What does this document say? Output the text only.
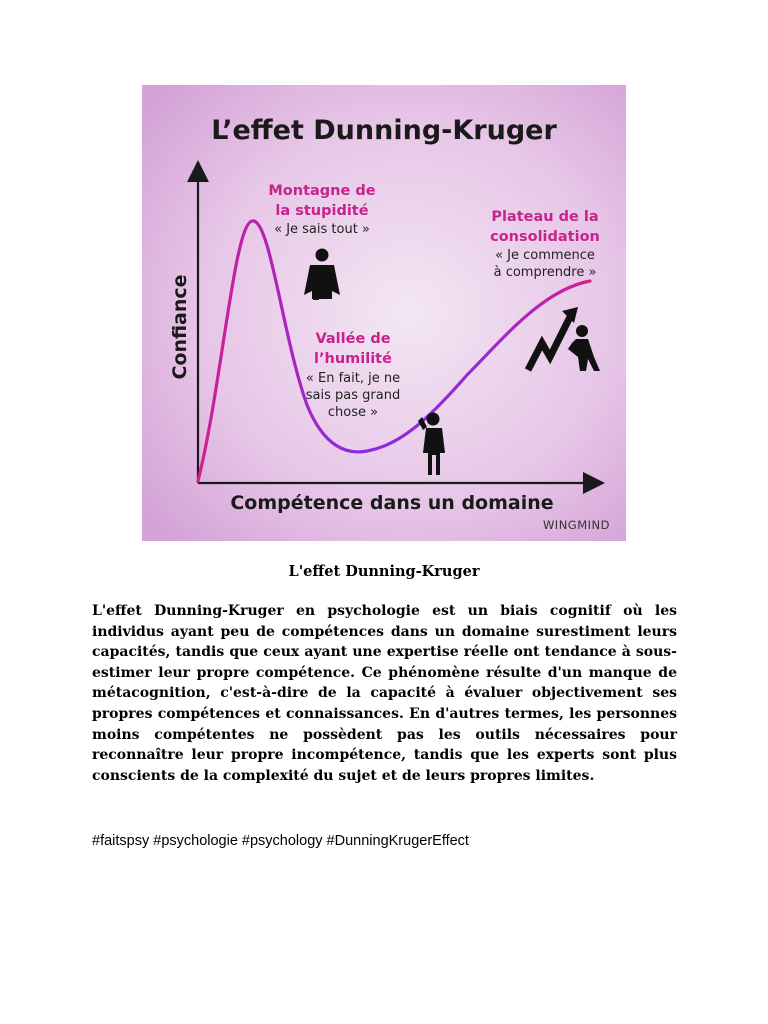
L’effet Dunning-Kruger
Confiance
Compétence dans un domaine
Montagne de
la stupidité
« Je sais tout »
Vallée de
l’humilité
« En fait, je ne
sais pas grand
chose »
Plateau de la
consolidation
« Je commence
à comprendre »
WINGMIND
L'effet Dunning-Kruger

L'effet Dunning-Kruger en psychologie est un biais cognitif où les individus ayant peu de compétences dans un domaine surestiment leurs capacités, tandis que ceux ayant une expertise réelle ont tendance à sous-estimer leur propre compétence. Ce phénomène résulte d'un manque de métacognition, c'est-à-dire de la capacité à évaluer objectivement ses propres compétences et connaissances. En d'autres termes, les personnes moins compétentes ne possèdent pas les outils nécessaires pour reconnaître leur propre incompétence, tandis que les experts sont plus conscients de la complexité du sujet et de leurs propres limites.

#faitspsy #psychologie #psychology #DunningKrugerEffect
